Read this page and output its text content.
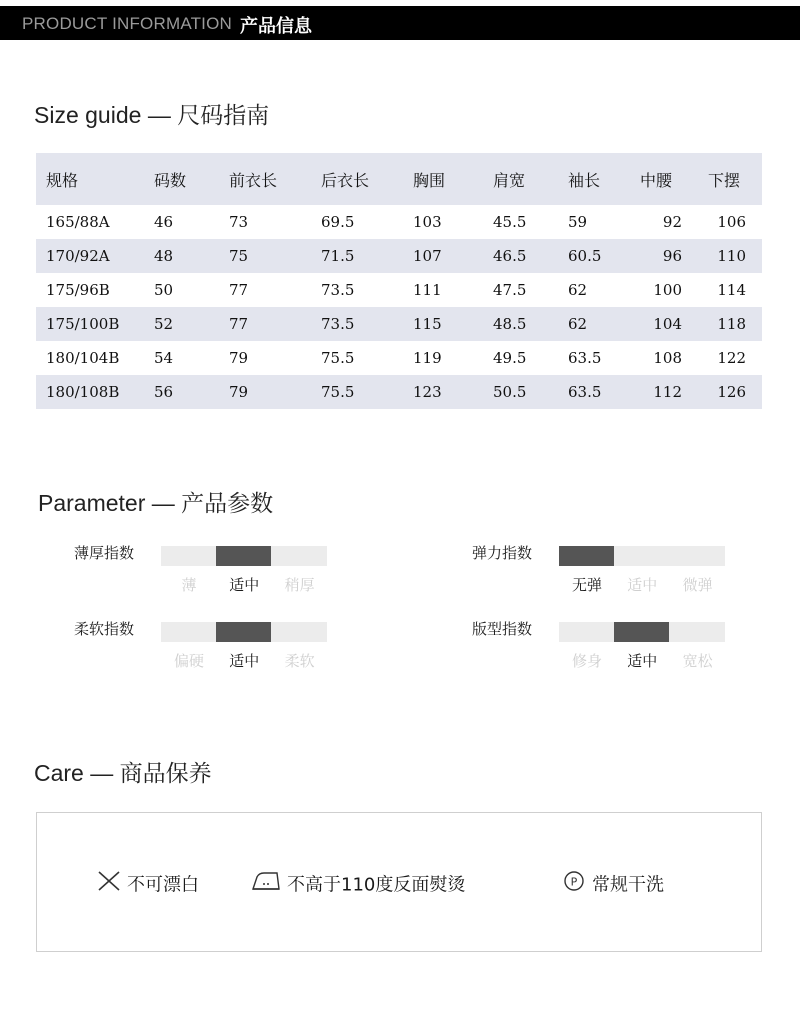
PRODUCT INFORMATION 产品信息
Size guide — 尺码指南
规格	码数	前衣长	后衣长	胸围	肩宽	袖长	中腰	下摆
165/88A	46	73	69.5	103	45.5	59	92	106
170/92A	48	75	71.5	107	46.5	60.5	96	110
175/96B	50	77	73.5	111	47.5	62	100	114
175/100B	52	77	73.5	115	48.5	62	104	118
180/104B	54	79	75.5	119	49.5	63.5	108	122
180/108B	56	79	75.5	123	50.5	63.5	112	126
Parameter — 产品参数
薄厚指数
薄	适中	稍厚
弹力指数
无弹	适中	微弹
柔软指数
偏硬	适中	柔软
版型指数
修身	适中	宽松
Care — 商品保养
不可漂白	不高于110度反面熨烫	P 常规干洗
